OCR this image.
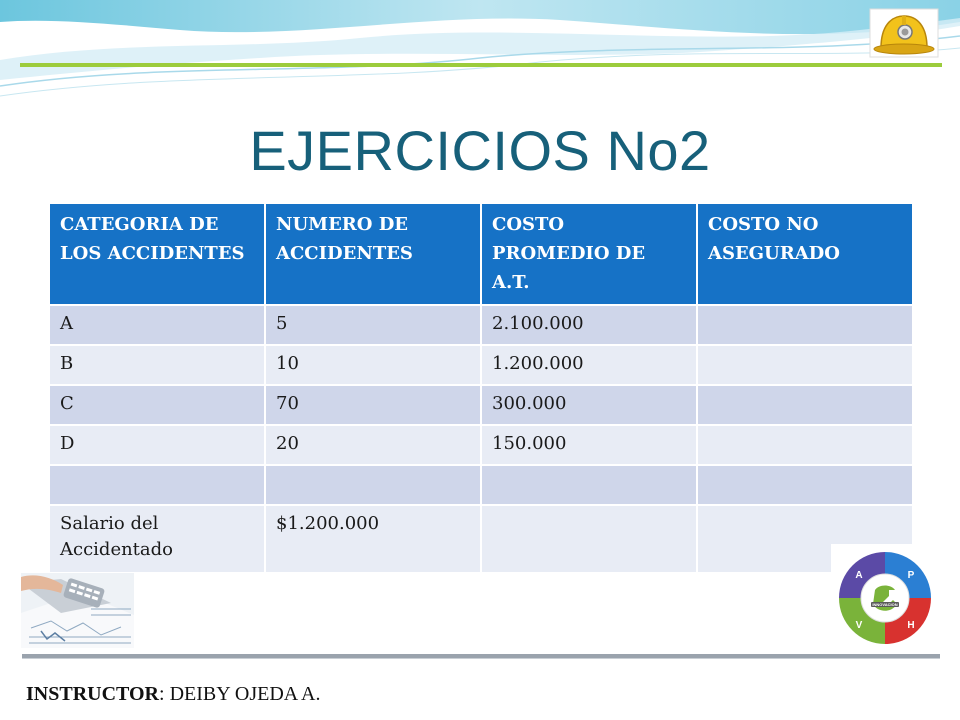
EJERCICIOS No2
CATEGORIA DE LOS ACCIDENTES	NUMERO DE ACCIDENTES	COSTO PROMEDIO DE A.T.	COSTO NO ASEGURADO
A	5	2.100.000	
B	10	1.200.000	
C	70	300.000	
D	20	150.000	

Salario del Accidentado	$1.200.000		
INNOVACION
A	P
V	H
INSTRUCTOR: DEIBY OJEDA A.
